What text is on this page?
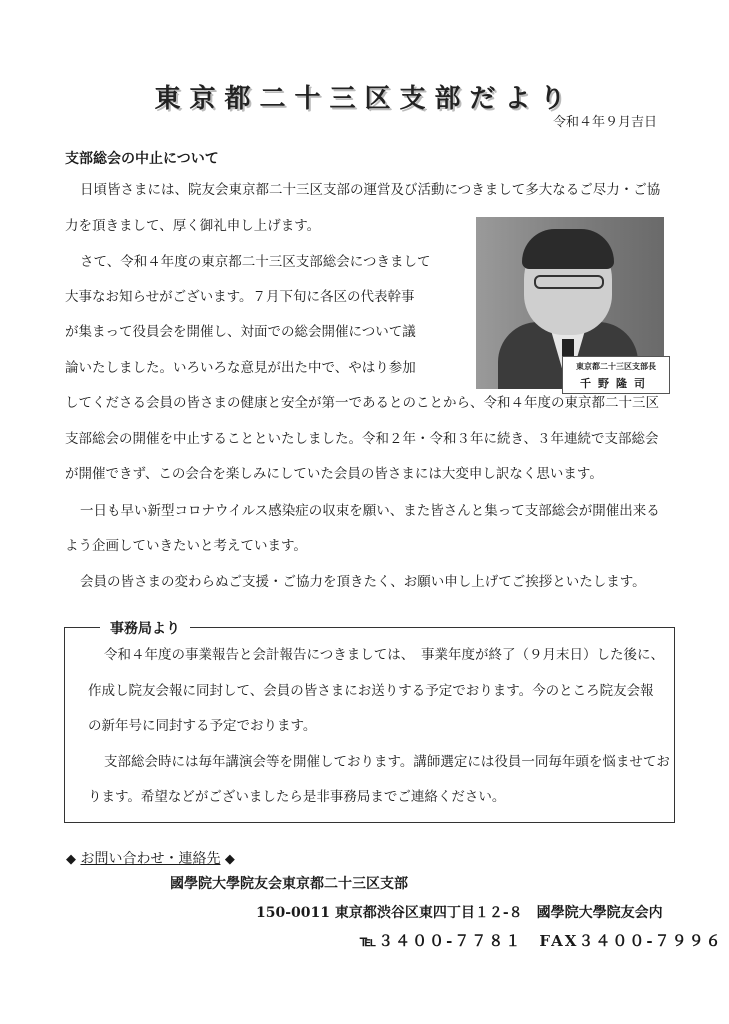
東京都二十三区支部だより
令和４年９月吉日
支部総会の中止について
日頃皆さまには、院友会東京都二十三区支部の運営及び活動につきまして多大なるご尽力・ご協
力を頂きまして、厚く御礼申し上げます。
さて、令和４年度の東京都二十三区支部総会につきまして
大事なお知らせがございます。７月下旬に各区の代表幹事
が集まって役員会を開催し、対面での総会開催について議
論いたしました。いろいろな意見が出た中で、やはり参加
してくださる会員の皆さまの健康と安全が第一であるとのことから、令和４年度の東京都二十三区
支部総会の開催を中止することといたしました。令和２年・令和３年に続き、３年連続で支部総会
が開催できず、この会合を楽しみにしていた会員の皆さまには大変申し訳なく思います。
一日も早い新型コロナウイルス感染症の収束を願い、また皆さんと集って支部総会が開催出来る
よう企画していきたいと考えています。
会員の皆さまの変わらぬご支援・ご協力を頂きたく、お願い申し上げてご挨拶といたします。
東京都二十三区支部長
千野隆司
事務局より
令和４年度の事業報告と会計報告につきましては、　事業年度が終了（９月末日）した後に、
作成し院友会報に同封して、会員の皆さまにお送りする予定でおります。今のところ院友会報
の新年号に同封する予定でおります。
支部総会時には毎年講演会等を開催しております。講師選定には役員一同毎年頭を悩ませてお
ります。希望などがございましたら是非事務局までご連絡ください。
◆ お問い合わせ・連絡先 ◆
國學院大學院友会東京都二十三区支部
150-0011 東京都渋谷区東四丁目１２-８　國學院大學院友会内
℡３４００-７７８１　FAX３４００-７９９６
